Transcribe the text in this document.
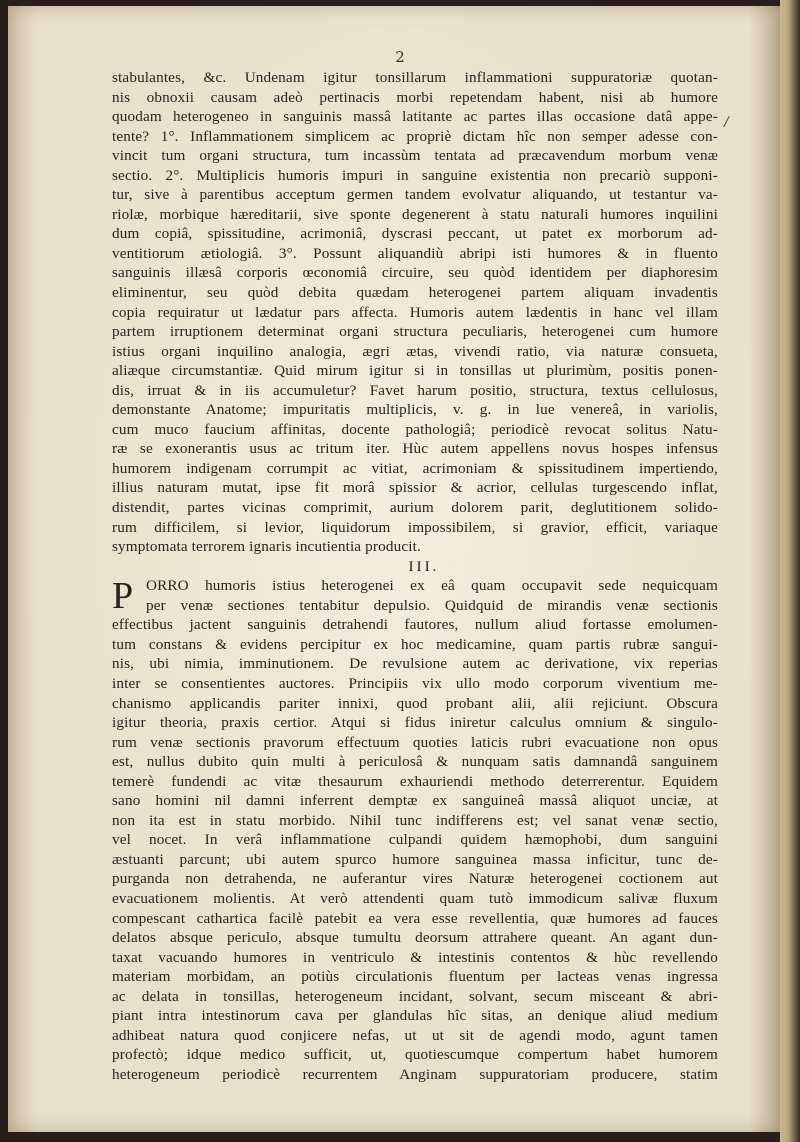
2
/
stabulantes, &c. Undenam igitur tonsillarum inflammationi suppuratoriæ quotan-
nis obnoxii causam adeò pertinacis morbi repetendam habent, nisi ab humore
quodam heterogeneo in sanguinis massâ latitante ac partes illas occasione datâ appe-
tente? 1°. Inflammationem simplicem ac propriè dictam hîc non semper adesse con-
vincit tum organi structura, tum incassùm tentata ad præcavendum morbum venæ
sectio. 2°. Multiplicis humoris impuri in sanguine existentia non precariò supponi-
tur, sive à parentibus acceptum germen tandem evolvatur aliquando, ut testantur va-
riolæ, morbique hæreditarii, sive sponte degenerent à statu naturali humores inquilini
dum copiâ, spissitudine, acrimoniâ, dyscrasi peccant, ut patet ex morborum ad-
ventitiorum ætiologiâ. 3°. Possunt aliquandiù abripi isti humores & in fluento
sanguinis illæsâ corporis œconomiâ circuire, seu quòd identidem per diaphoresim
eliminentur, seu quòd debita quædam heterogenei partem aliquam invadentis
copia requiratur ut lædatur pars affecta. Humoris autem lædentis in hanc vel illam
partem irruptionem determinat organi structura peculiaris, heterogenei cum humore
istius organi inquilino analogia, ægri ætas, vivendi ratio, via naturæ consueta,
aliæque circumstantiæ. Quid mirum igitur si in tonsillas ut plurimùm, positis ponen-
dis, irruat & in iis accumuletur? Favet harum positio, structura, textus cellulosus,
demonstante Anatome; impuritatis multiplicis, v. g. in lue venereâ, in variolis,
cum muco faucium affinitas, docente pathologiâ; periodicè revocat solitus Natu-
ræ se exonerantis usus ac tritum iter. Hùc autem appellens novus hospes infensus
humorem indigenam corrumpit ac vitiat, acrimoniam & spissitudinem impertiendo,
illius naturam mutat, ipse fit morâ spissior & acrior, cellulas turgescendo inflat,
distendit, partes vicinas comprimit, aurium dolorem parit, deglutitionem solido-
rum difficilem, si levior, liquidorum impossibilem, si gravior, efficit, variaque
symptomata terrorem ignaris incutientia producit.
III.
P ORRO humoris istius heterogenei ex eâ quam occupavit sede nequicquam
per venæ sectiones tentabitur depulsio. Quidquid de mirandis venæ sectionis
effectibus jactent sanguinis detrahendi fautores, nullum aliud fortasse emolumen-
tum constans & evidens percipitur ex hoc medicamine, quam partis rubræ sangui-
nis, ubi nimia, imminutionem. De revulsione autem ac derivatione, vix reperias
inter se consentientes auctores. Principiis vix ullo modo corporum viventium me-
chanismo applicandis pariter innixi, quod probant alii, alii rejiciunt. Obscura
igitur theoria, praxis certior. Atqui si fidus iniretur calculus omnium & singulo-
rum venæ sectionis pravorum effectuum quoties laticis rubri evacuatione non opus
est, nullus dubito quin multi à periculosâ & nunquam satis damnandâ sanguinem
temerè fundendi ac vitæ thesaurum exhauriendi methodo deterrerentur. Equidem
sano homini nil damni inferrent demptæ ex sanguineâ massâ aliquot unciæ, at
non ita est in statu morbido. Nihil tunc indifferens est; vel sanat venæ sectio,
vel nocet. In verâ inflammatione culpandi quidem hæmophobi, dum sanguini
æstuanti parcunt; ubi autem spurco humore sanguinea massa inficitur, tunc de-
purganda non detrahenda, ne auferantur vires Naturæ heterogenei coctionem aut
evacuationem molientis. At verò attendenti quam tutò immodicum salivæ fluxum
compescant cathartica facilè patebit ea vera esse revellentia, quæ humores ad fauces
delatos absque periculo, absque tumultu deorsum attrahere queant. An agant dun-
taxat vacuando humores in ventriculo & intestinis contentos & hùc revellendo
materiam morbidam, an potiùs circulationis fluentum per lacteas venas ingressa
ac delata in tonsillas, heterogeneum incidant, solvant, secum misceant & abri-
piant intra intestinorum cava per glandulas hîc sitas, an denique aliud medium
adhibeat natura quod conjicere nefas, ut ut sit de agendi modo, agunt tamen
profectò; idque medico sufficit, ut, quotiescumque compertum habet humorem
heterogeneum periodicè recurrentem Anginam suppuratoriam producere, statim
